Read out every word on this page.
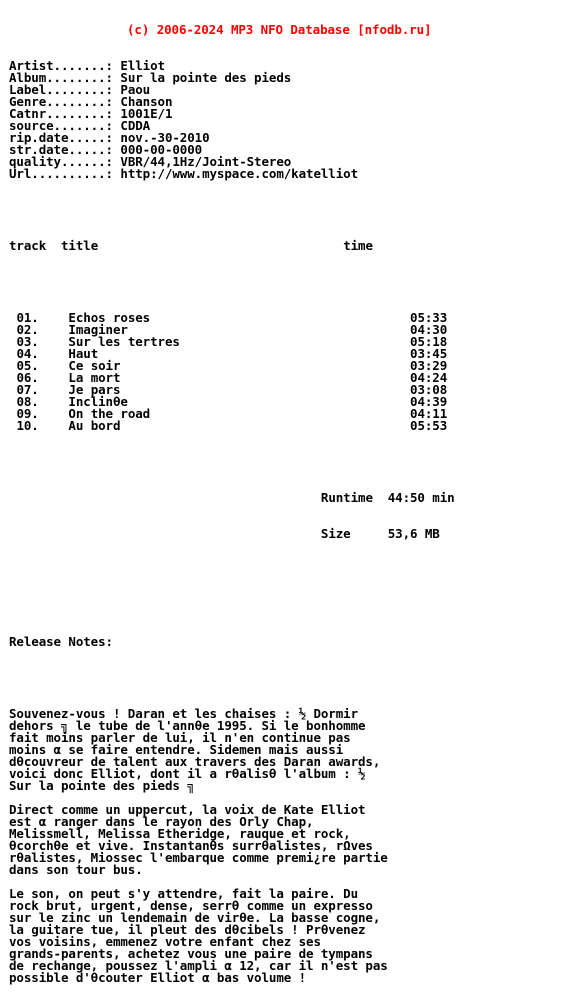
(c) 2006-2024 MP3 NFO Database [nfodb.ru]

Artist.......: Elliot
Album........: Sur la pointe des pieds
Label........: Paou
Genre........: Chanson
Catnr........: 1001E/1
source.......: CDDA
rip.date.....: nov.-30-2010
str.date.....: 000-00-0000
quality......: VBR/44,1Hz/Joint-Stereo
Url..........: http://www.myspace.com/katelliot

track title	time

01. Echos roses	05:33
02. Imaginer	04:30
03. Sur les tertres	05:18
04. Haut	03:45
05. Ce soir	03:29
06. La mort	04:24
07. Je pars	03:08
08. Inclinθe	04:39
09. On the road	04:11
10. Au bord	05:53

Runtime 44:50 min

Size	53,6 MB

Release Notes:

Souvenez-vous ! Daran et les chaises : ½ Dormir
dehors ╗ le tube de l'annθe 1995. Si le bonhomme
fait moins parler de lui, il n'en continue pas
moins α se faire entendre. Sidemen mais aussi
dθcouvreur de talent aux travers des Daran awards,
voici donc Elliot, dont il a rθalisθ l'album : ½
Sur la pointe des pieds ╗
Direct comme un uppercut, la voix de Kate Elliot
est α ranger dans le rayon des Orly Chap,
Melissmell, Melissa Etheridge, rauque et rock,
θcorchθe et vive. Instantanθs surrθalistes, rΩves
rθalistes, Miossec l'embarque comme premi¿re partie
dans son tour bus.
Le son, on peut s'y attendre, fait la paire. Du
rock brut, urgent, dense, serrθ comme un expresso
sur le zinc un lendemain de virθe. La basse cogne,
la guitare tue, il pleut des dθcibels ! Prθvenez
vos voisins, emmenez votre enfant chez ses
grands-parents, achetez vous une paire de tympans
de rechange, poussez l'ampli α 12, car il n'est pas
possible d'θcouter Elliot α bas volume !
